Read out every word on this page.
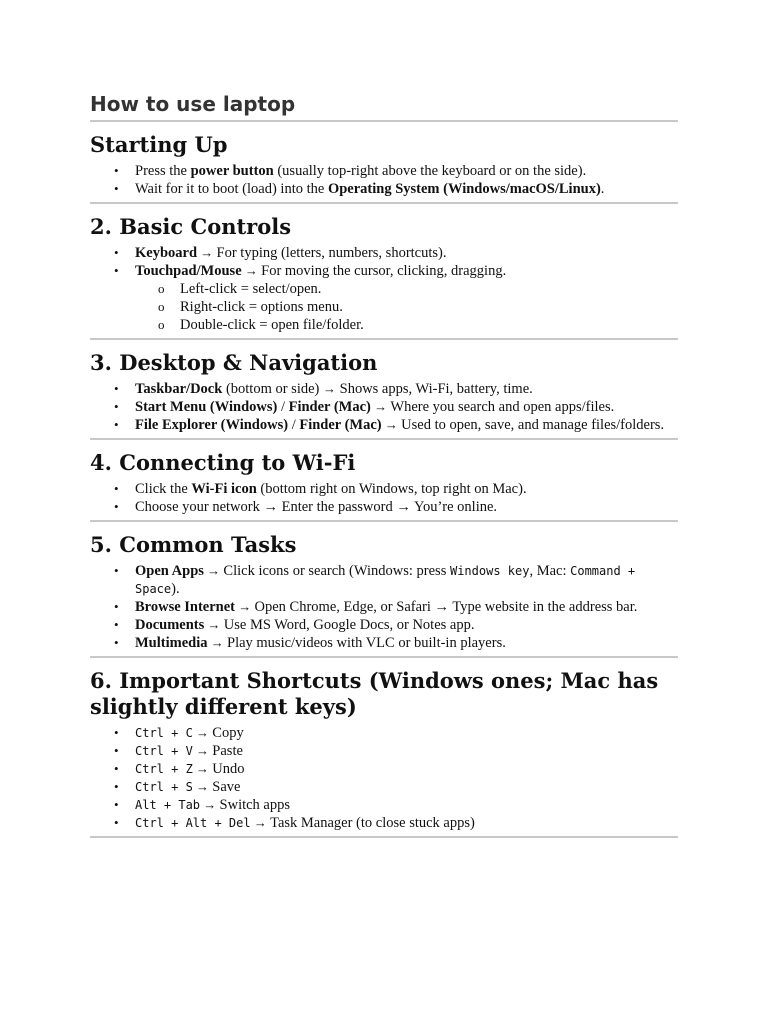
How to use laptop
Starting Up
• Press the power button (usually top-right above the keyboard or on the side).
• Wait for it to boot (load) into the Operating System (Windows/macOS/Linux).
2. Basic Controls
• Keyboard → For typing (letters, numbers, shortcuts).
• Touchpad/Mouse → For moving the cursor, clicking, dragging.
o Left-click = select/open.
o Right-click = options menu.
o Double-click = open file/folder.
3. Desktop & Navigation
• Taskbar/Dock (bottom or side) → Shows apps, Wi-Fi, battery, time.
• Start Menu (Windows) / Finder (Mac) → Where you search and open apps/files.
• File Explorer (Windows) / Finder (Mac) → Used to open, save, and manage files/folders.
4. Connecting to Wi-Fi
• Click the Wi-Fi icon (bottom right on Windows, top right on Mac).
• Choose your network → Enter the password → You’re online.
5. Common Tasks
• Open Apps → Click icons or search (Windows: press Windows key, Mac: Command + Space).
• Browse Internet → Open Chrome, Edge, or Safari → Type website in the address bar.
• Documents → Use MS Word, Google Docs, or Notes app.
• Multimedia → Play music/videos with VLC or built-in players.
6. Important Shortcuts (Windows ones; Mac has slightly different keys)
• Ctrl + C → Copy
• Ctrl + V → Paste
• Ctrl + Z → Undo
• Ctrl + S → Save
• Alt + Tab → Switch apps
• Ctrl + Alt + Del → Task Manager (to close stuck apps)
